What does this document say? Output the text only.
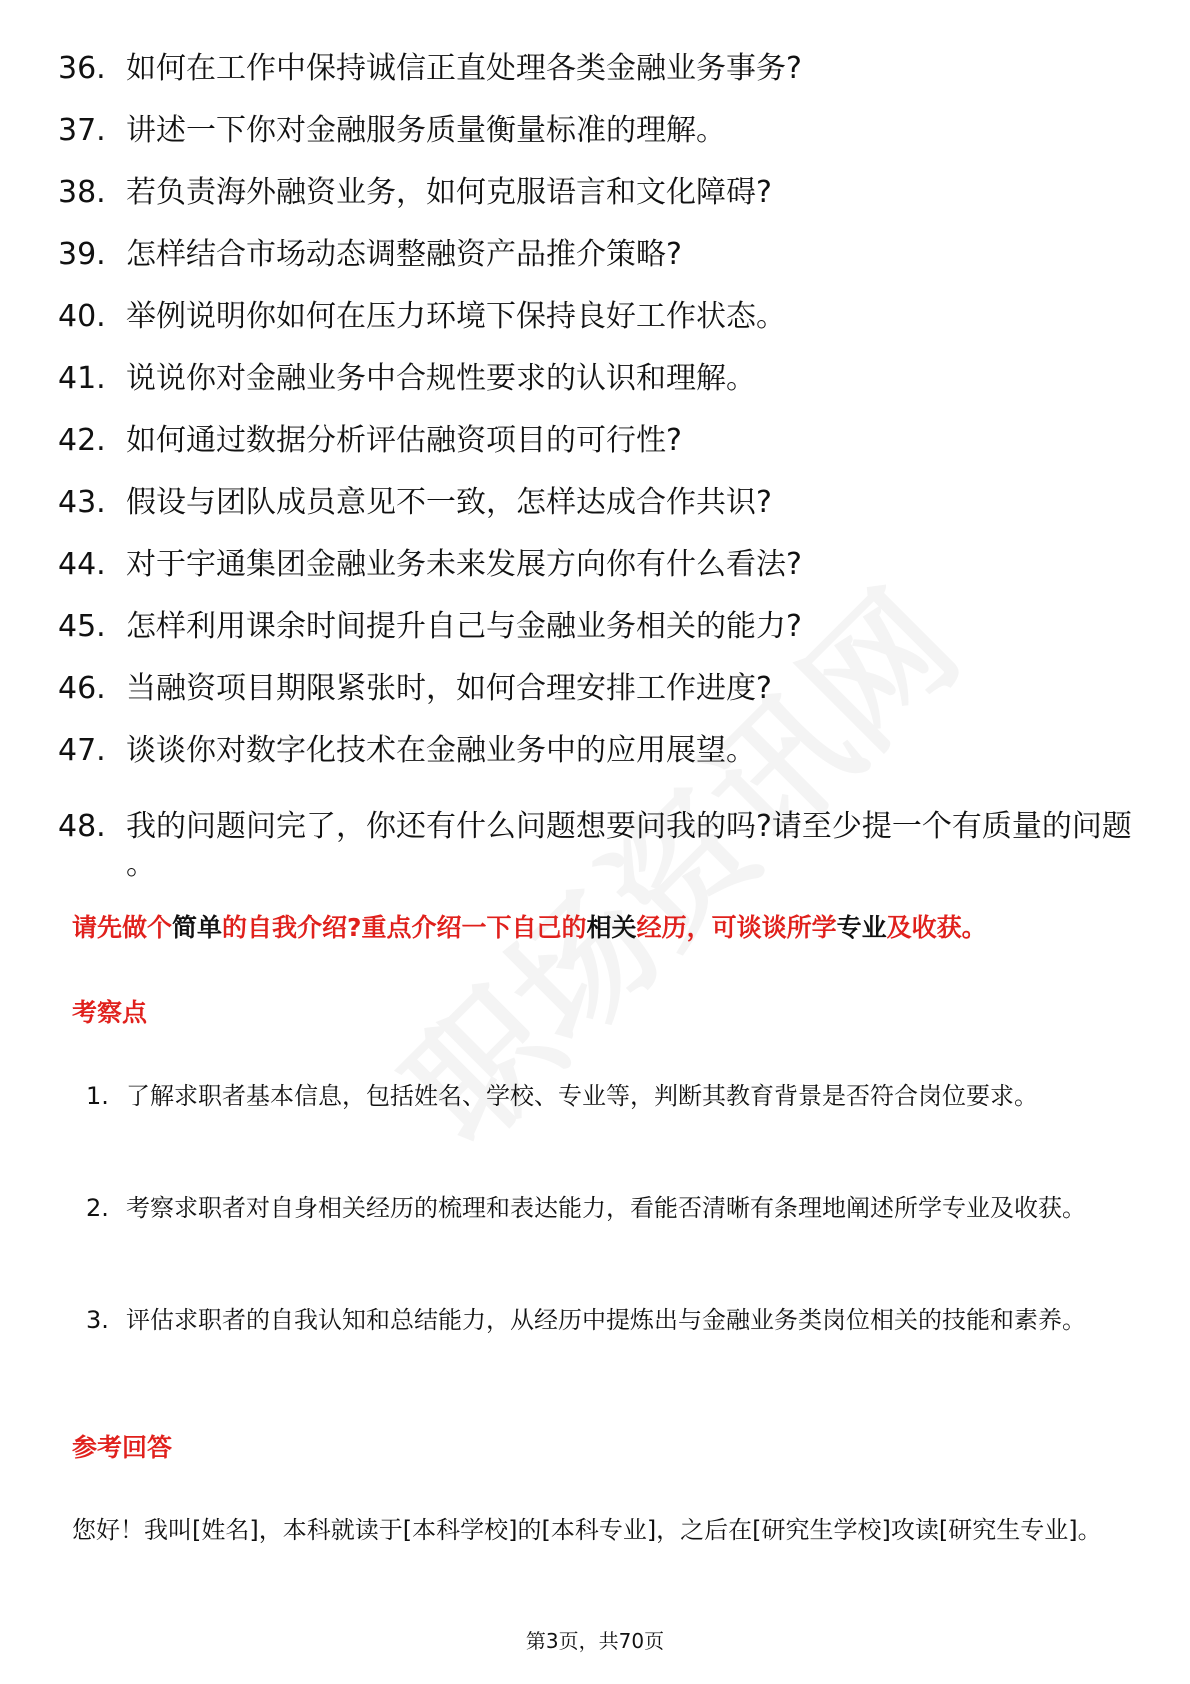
36. 如何在工作中保持诚信正直处理各类金融业务事务?
37. 讲述一下你对金融服务质量衡量标准的理解。
38. 若负责海外融资业务，如何克服语言和文化障碍?
39. 怎样结合市场动态调整融资产品推介策略?
40. 举例说明你如何在压力环境下保持良好工作状态。
41. 说说你对金融业务中合规性要求的认识和理解。
42. 如何通过数据分析评估融资项目的可行性?
43. 假设与团队成员意见不一致，怎样达成合作共识?
44. 对于宇通集团金融业务未来发展方向你有什么看法?
45. 怎样利用课余时间提升自己与金融业务相关的能力?
46. 当融资项目期限紧张时，如何合理安排工作进度?
47. 谈谈你对数字化技术在金融业务中的应用展望。
48. 我的问题问完了，你还有什么问题想要问我的吗?请至少提一个有质量的问题 。
请先做个简单的自我介绍?重点介绍一下自己的相关经历，可谈谈所学专业及收获。
考察点
1. 了解求职者基本信息，包括姓名、学校、专业等，判断其教育背景是否符合岗位要求。
2. 考察求职者对自身相关经历的梳理和表达能力，看能否清晰有条理地阐述所学专业及收获。
3. 评估求职者的自我认知和总结能力，从经历中提炼出与金融业务类岗位相关的技能和素养。
参考回答
您好！我叫[姓名]，本科就读于[本科学校]的[本科专业]，之后在[研究生学校]攻读[研究生专业]。
第3页，共70页
